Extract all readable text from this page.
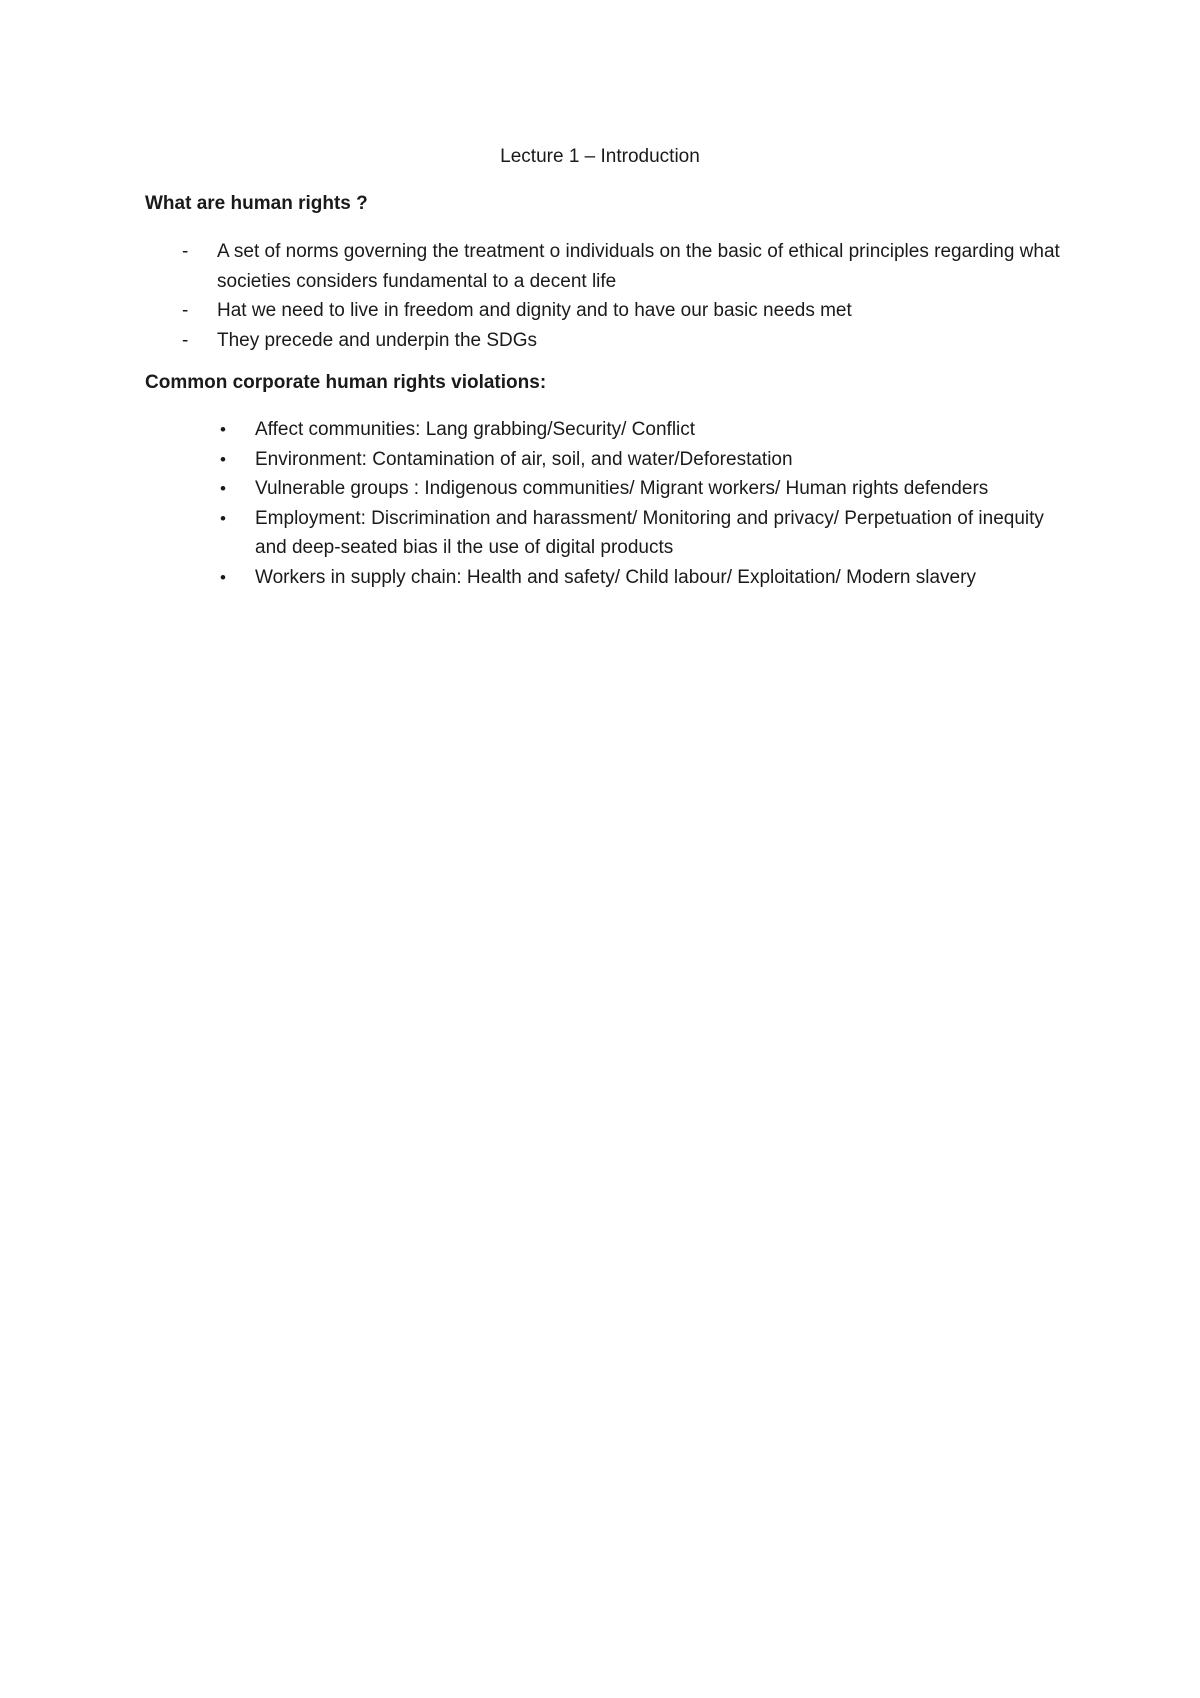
Lecture 1 – Introduction
What are human rights ?
- A set of norms governing the treatment o individuals on the basic of ethical principles regarding what societies considers fundamental to a decent life
- Hat we need to live in freedom and dignity and to have our basic needs met
- They precede and underpin the SDGs
Common corporate human rights violations:
• Affect communities: Lang grabbing/Security/ Conflict
• Environment: Contamination of air, soil, and water/Deforestation
• Vulnerable groups : Indigenous communities/ Migrant workers/ Human rights defenders
• Employment: Discrimination and harassment/ Monitoring and privacy/ Perpetuation of inequity and deep-seated bias il the use of digital products
• Workers in supply chain: Health and safety/ Child labour/ Exploitation/ Modern slavery
